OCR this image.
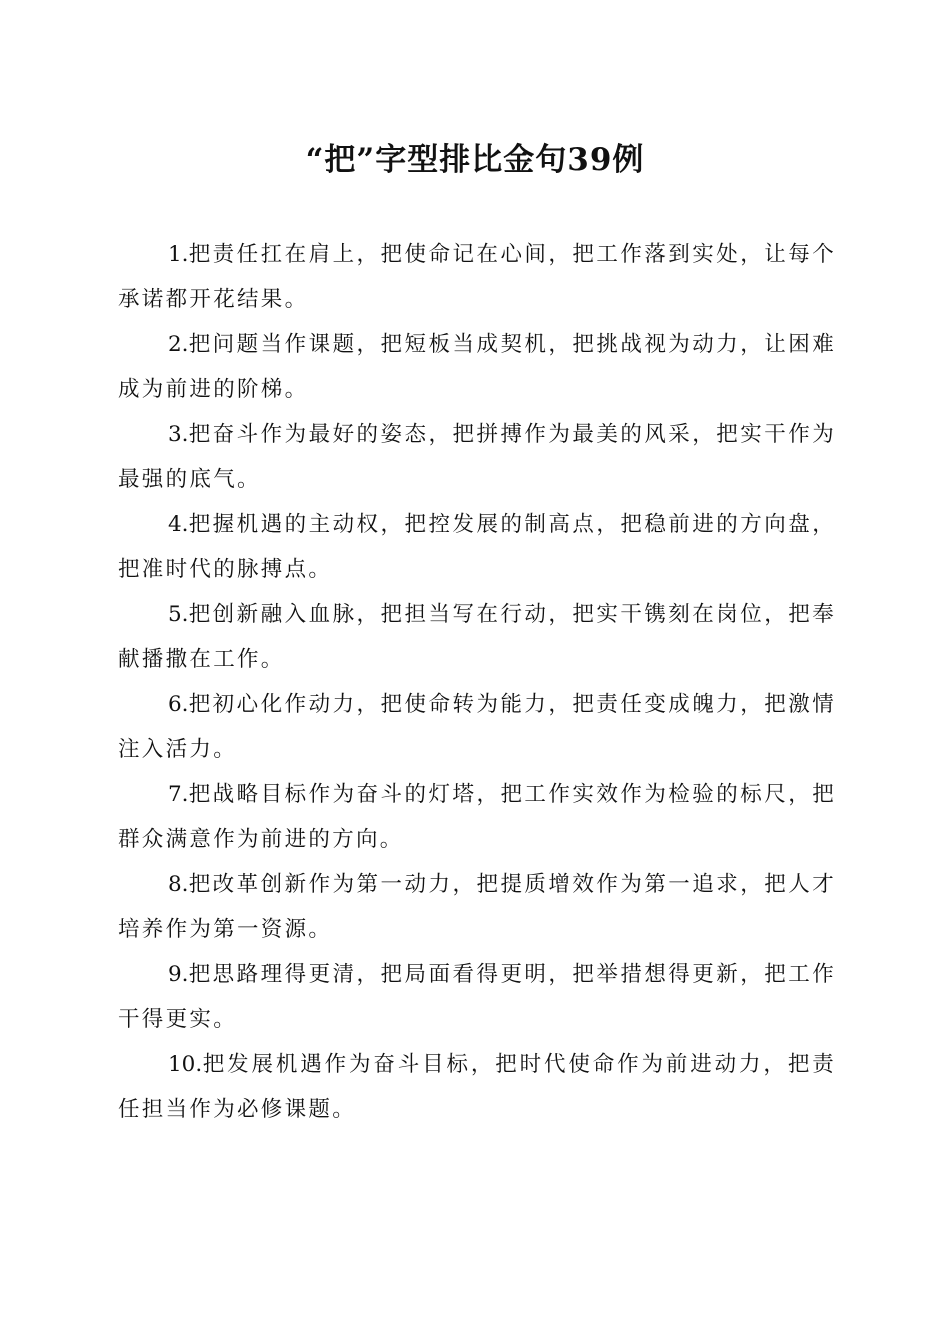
“把”字型排比金句39例

1.把责任扛在肩上，把使命记在心间，把工作落到实处，让每个承诺都开花结果。

2.把问题当作课题，把短板当成契机，把挑战视为动力，让困难成为前进的阶梯。

3.把奋斗作为最好的姿态，把拼搏作为最美的风采，把实干作为最强的底气。

4.把握机遇的主动权，把控发展的制高点，把稳前进的方向盘，把准时代的脉搏点。

5.把创新融入血脉，把担当写在行动，把实干镌刻在岗位，把奉献播撒在工作。

6.把初心化作动力，把使命转为能力，把责任变成魄力，把激情注入活力。

7.把战略目标作为奋斗的灯塔，把工作实效作为检验的标尺，把群众满意作为前进的方向。

8.把改革创新作为第一动力，把提质增效作为第一追求，把人才培养作为第一资源。

9.把思路理得更清，把局面看得更明，把举措想得更新，把工作干得更实。

10.把发展机遇作为奋斗目标，把时代使命作为前进动力，把责任担当作为必修课题。
